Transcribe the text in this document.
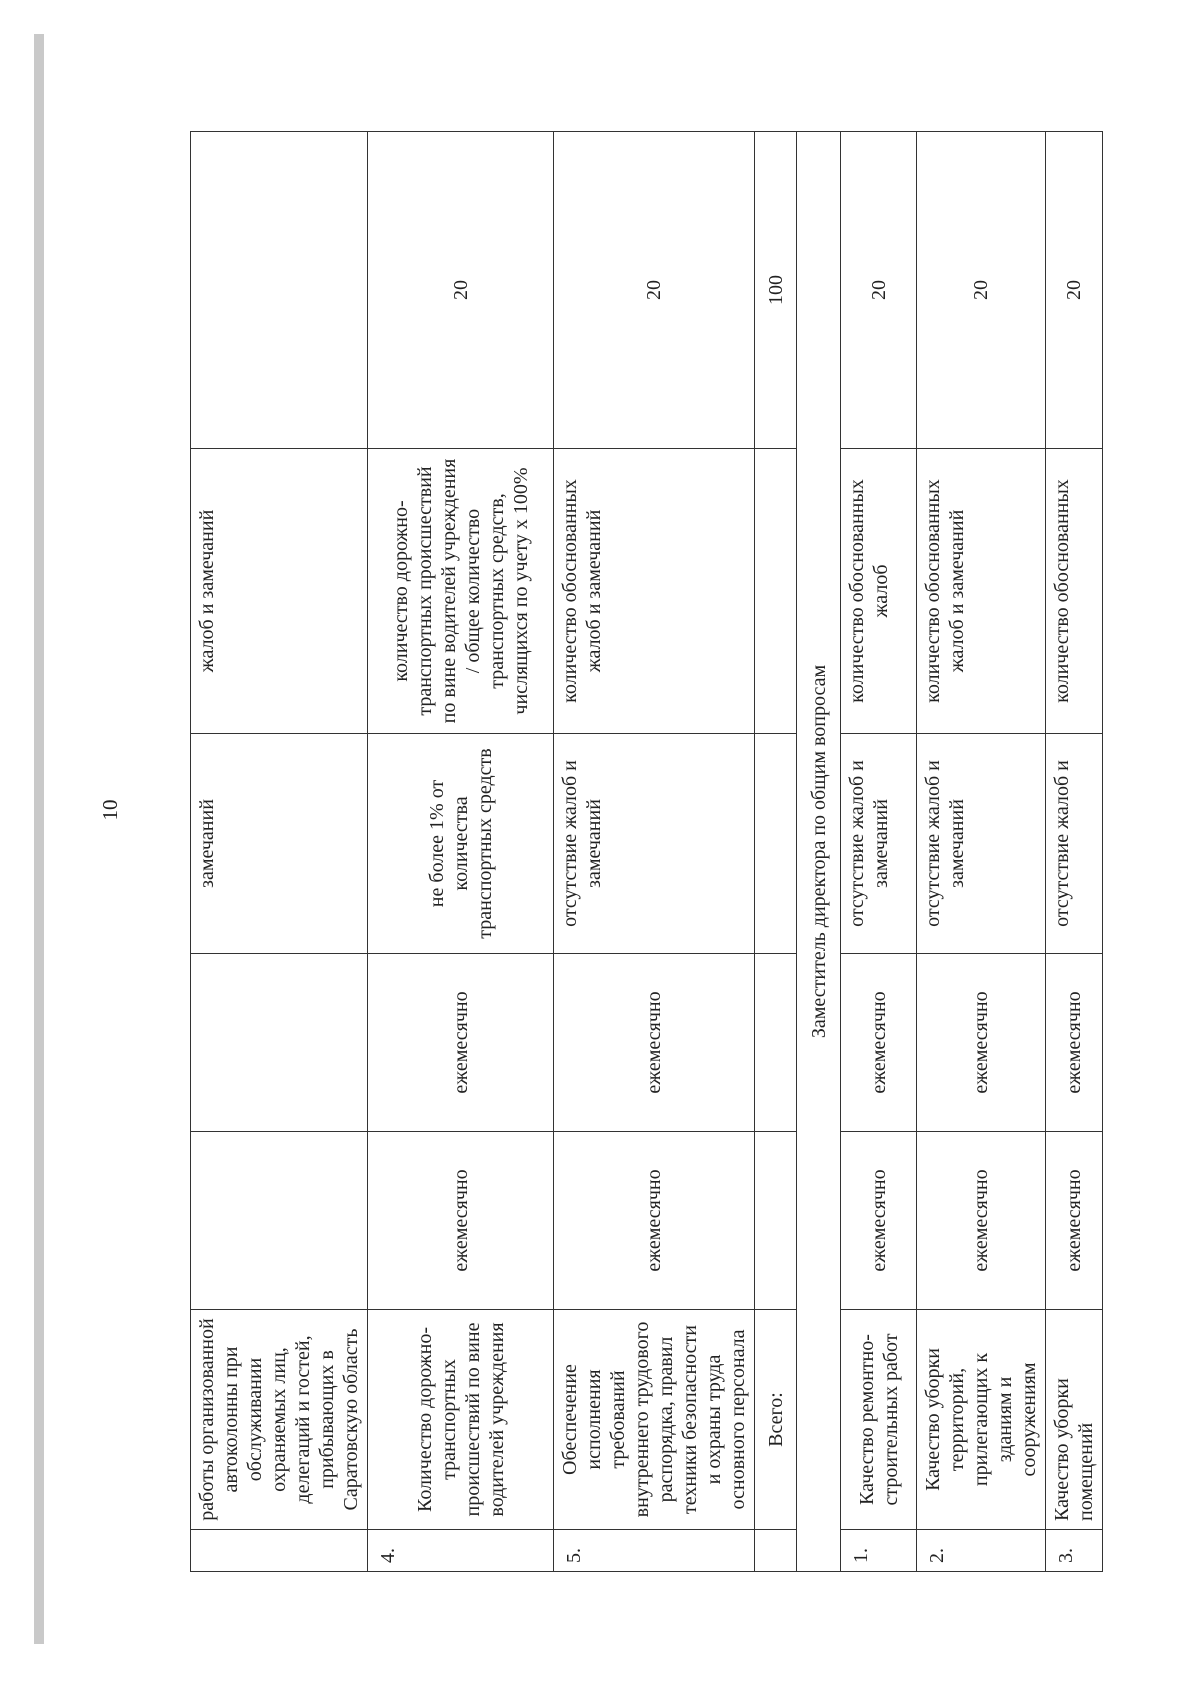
10
	работы организованной автоколонны при обслуживании охраняемых лиц, делегаций и гостей, прибывающих в Саратовскую область			замечаний	жалоб и замечаний	
4.	Количество дорожно-транспортных происшествий по вине водителей учреждения	ежемесячно	ежемесячно	не более 1% от количества транспортных средств	количество дорожно-транспортных происшествий по вине водителей учреждения / общее количество транспортных средств, числящихся по учету х 100%	20
5.	Обеспечение исполнения требований внутреннего трудового распорядка, правил техники безопасности и охраны труда основного персонала	ежемесячно	ежемесячно	отсутствие жалоб и замечаний	количество обоснованных жалоб и замечаний	20
	Всего:					100
Заместитель директора по общим вопросам						
1.	Качество ремонтно-строительных работ	ежемесячно	ежемесячно	отсутствие жалоб и замечаний	количество обоснованных жалоб	20
2.	Качество уборки территорий, прилегающих к зданиям и сооружениям	ежемесячно	ежемесячно	отсутствие жалоб и замечаний	количество обоснованных жалоб и замечаний	20
3.	Качество уборки помещений	ежемесячно	ежемесячно	отсутствие жалоб и	количество обоснованных	20
